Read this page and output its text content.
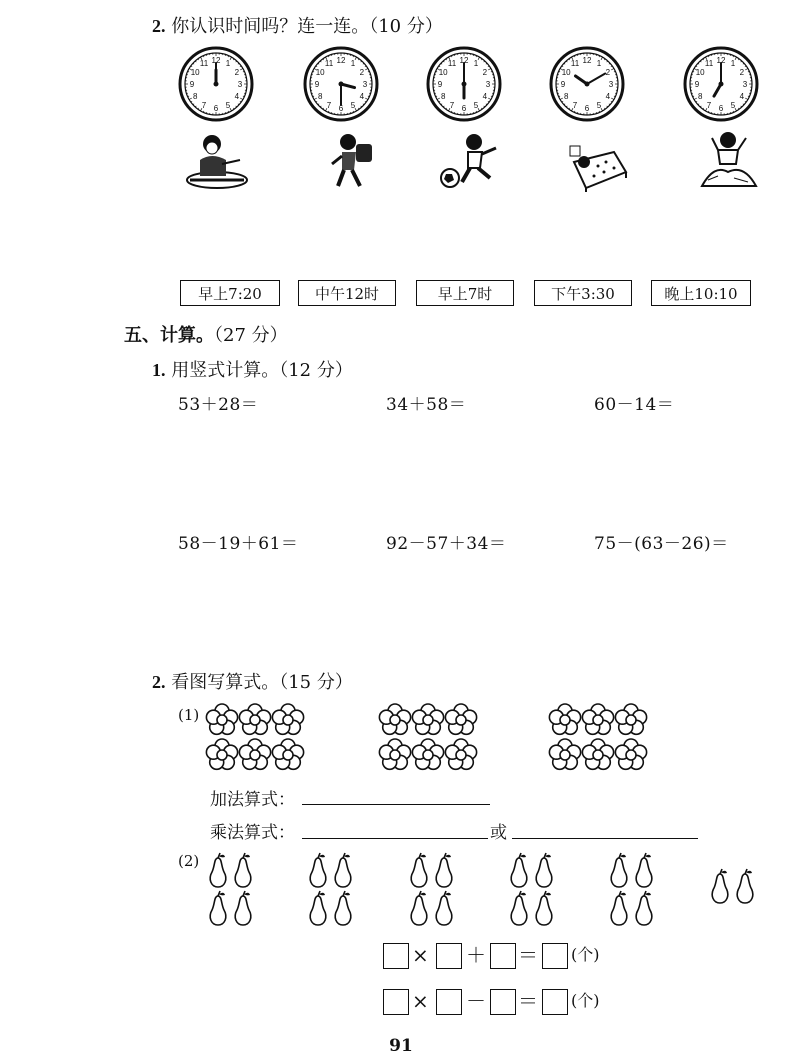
2. 你认识时间吗？连一连。（10 分）
1
2
3
4
5
6
7
8
9
10
11 12	1
2
3
4
5
6
7
8
9
10
11 12	1
2
3
4
5
6
7
8
9
10
11 12	1
2
3
4
5
6
7
8
9
10
11 12	1
2
3
4
5
6
7
8
9
10
11 12
早上7:20	中午12时	早上7时	下午3:30	晚上10:10
五、计算。（27 分）
1. 用竖式计算。（12 分）
53＋28＝	34＋58＝	60－14＝
58－19＋61＝	92－57＋34＝	75－(63－26)＝
2. 看图写算式。（15 分）
(1)
加法算式：
乘法算式：	或
(2)
× ＋ ＝ (个)
× － ＝ (个)
91
